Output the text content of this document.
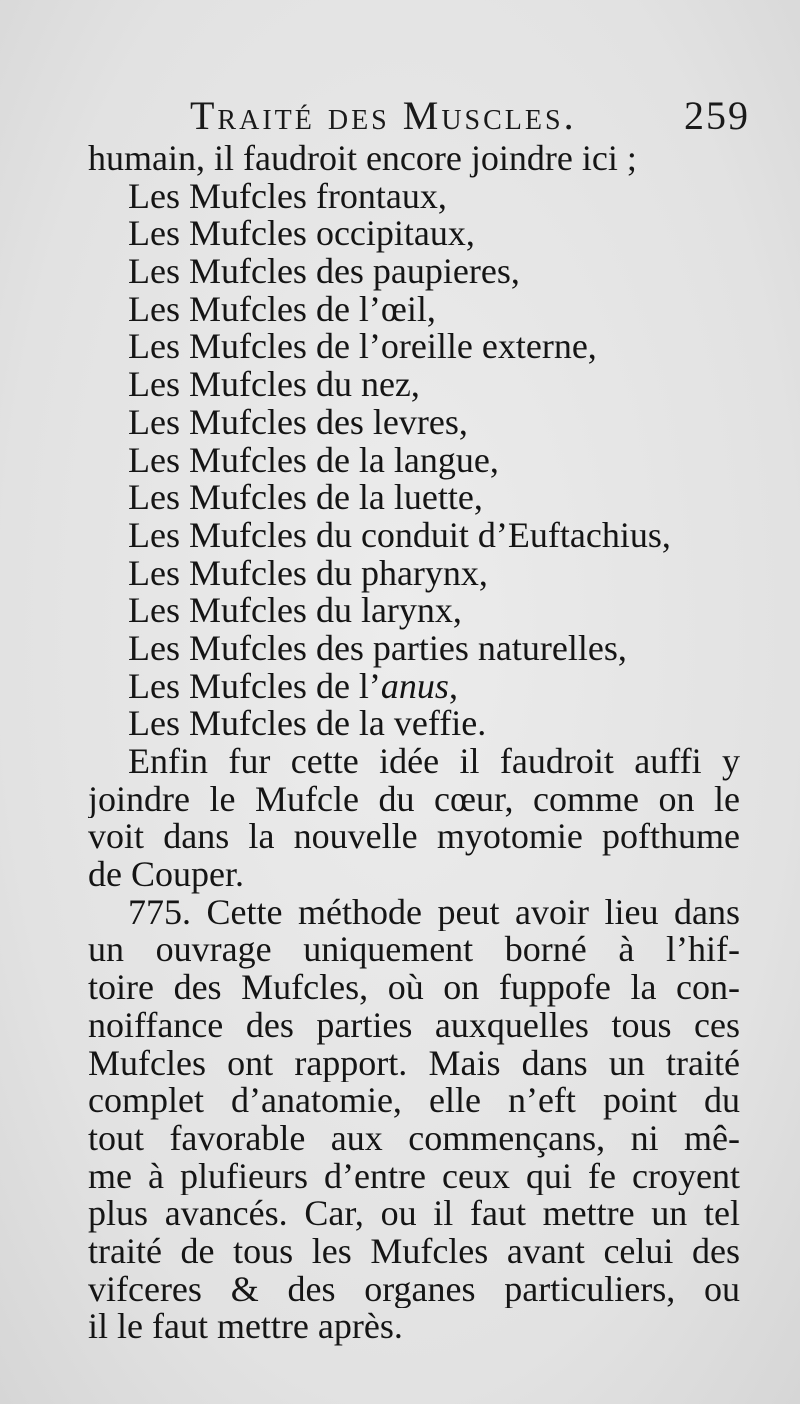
Traité des Muscles.	259
humain, il faudroit encore joindre ici ;
Les Mufcles frontaux,
Les Mufcles occipitaux,
Les Mufcles des paupieres,
Les Mufcles de l’œil,
Les Mufcles de l’oreille externe,
Les Mufcles du nez,
Les Mufcles des levres,
Les Mufcles de la langue,
Les Mufcles de la luette,
Les Mufcles du conduit d’Euftachius,
Les Mufcles du pharynx,
Les Mufcles du larynx,
Les Mufcles des parties naturelles,
Les Mufcles de l’anus,
Les Mufcles de la veffie.
Enfin fur cette idée il faudroit auffi y
joindre le Mufcle du cœur, comme on le
voit dans la nouvelle myotomie pofthume
de Couper.
775. Cette méthode peut avoir lieu dans
un ouvrage uniquement borné à l’hif-
toire des Mufcles, où on fuppofe la con-
noiffance des parties auxquelles tous ces
Mufcles ont rapport. Mais dans un traité
complet d’anatomie, elle n’eft point du
tout favorable aux commençans, ni mê-
me à plufieurs d’entre ceux qui fe croyent
plus avancés. Car, ou il faut mettre un tel
traité de tous les Mufcles avant celui des
vifceres & des organes particuliers, ou
il le faut mettre après.
